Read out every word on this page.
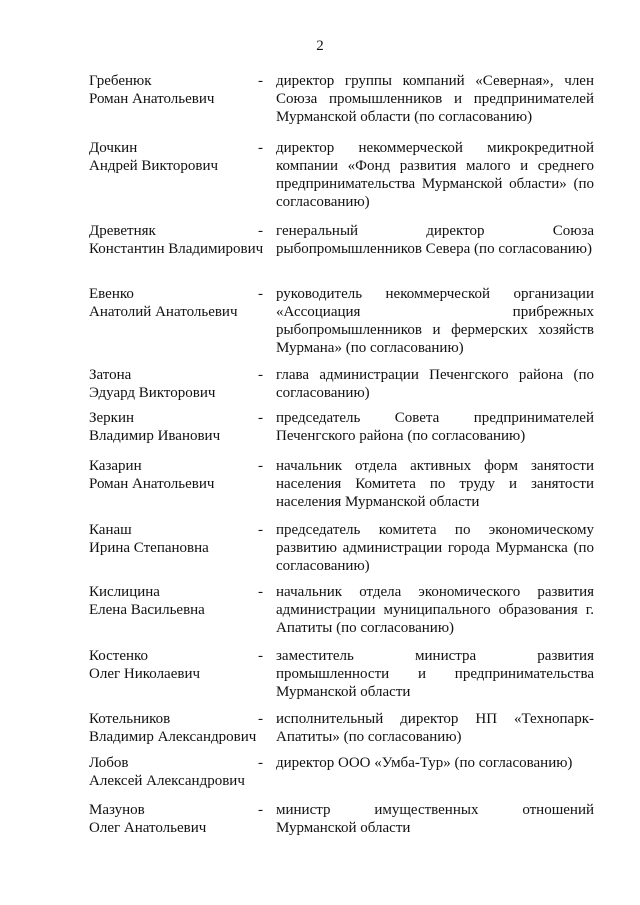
2
Гребенюк
Роман Анатольевич
- директор группы компаний «Северная», член Союза промышленников и предпринимателей Мурманской области (по согласованию)
Дочкин
Андрей Викторович
- директор некоммерческой микрокредитной компании «Фонд развития малого и среднего предпринимательства Мурманской области» (по согласованию)
Древетняк
Константин Владимирович
- генеральный директор Союза рыбопромышленников Севера (по согласованию)
Евенко
Анатолий Анатольевич
- руководитель некоммерческой организации «Ассоциация прибрежных рыбопромышленников и фермерских хозяйств Мурмана» (по согласованию)
Затона
Эдуард Викторович
- глава администрации Печенгского района (по согласованию)
Зеркин
Владимир Иванович
- председатель Совета предпринимателей Печенгского района (по согласованию)
Казарин
Роман Анатольевич
- начальник отдела активных форм занятости населения Комитета по труду и занятости населения Мурманской области
Канаш
Ирина Степановна
- председатель комитета по экономическому развитию администрации города Мурманска (по согласованию)
Кислицина
Елена Васильевна
- начальник отдела экономического развития администрации муниципального образования г. Апатиты (по согласованию)
Костенко
Олег Николаевич
- заместитель министра развития промышленности и предпринимательства Мурманской области
Котельников
Владимир Александрович
- исполнительный директор НП «Технопарк-Апатиты» (по согласованию)
Лобов
Алексей Александрович
- директор ООО «Умба-Тур» (по согласованию)
Мазунов
Олег Анатольевич
- министр имущественных отношений Мурманской области
